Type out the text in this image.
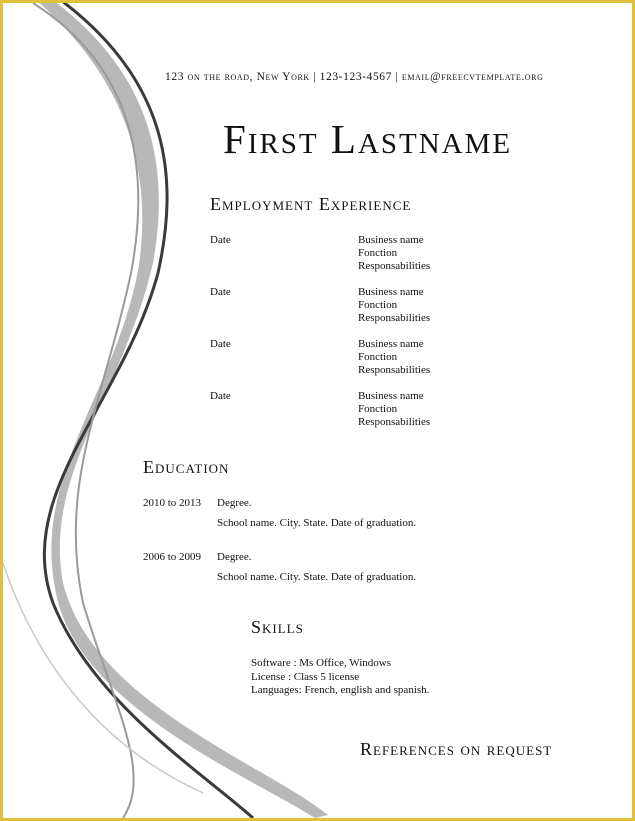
123 on the road, New York | 123-123-4567 | email@freecvtemplate.org
First Lastname
Employment Experience
Date	Business name
Fonction
Responsabilities
Date	Business name
Fonction
Responsabilities
Date	Business name
Fonction
Responsabilities
Date	Business name
Fonction
Responsabilities
Education
2010 to 2013 Degree.
School name. City. State. Date of graduation.
2006 to 2009 Degree.
School name. City. State. Date of graduation.
Skills
Software : Ms Office, Windows
License : Class 5 license
Languages: French, english and spanish.
References on request
